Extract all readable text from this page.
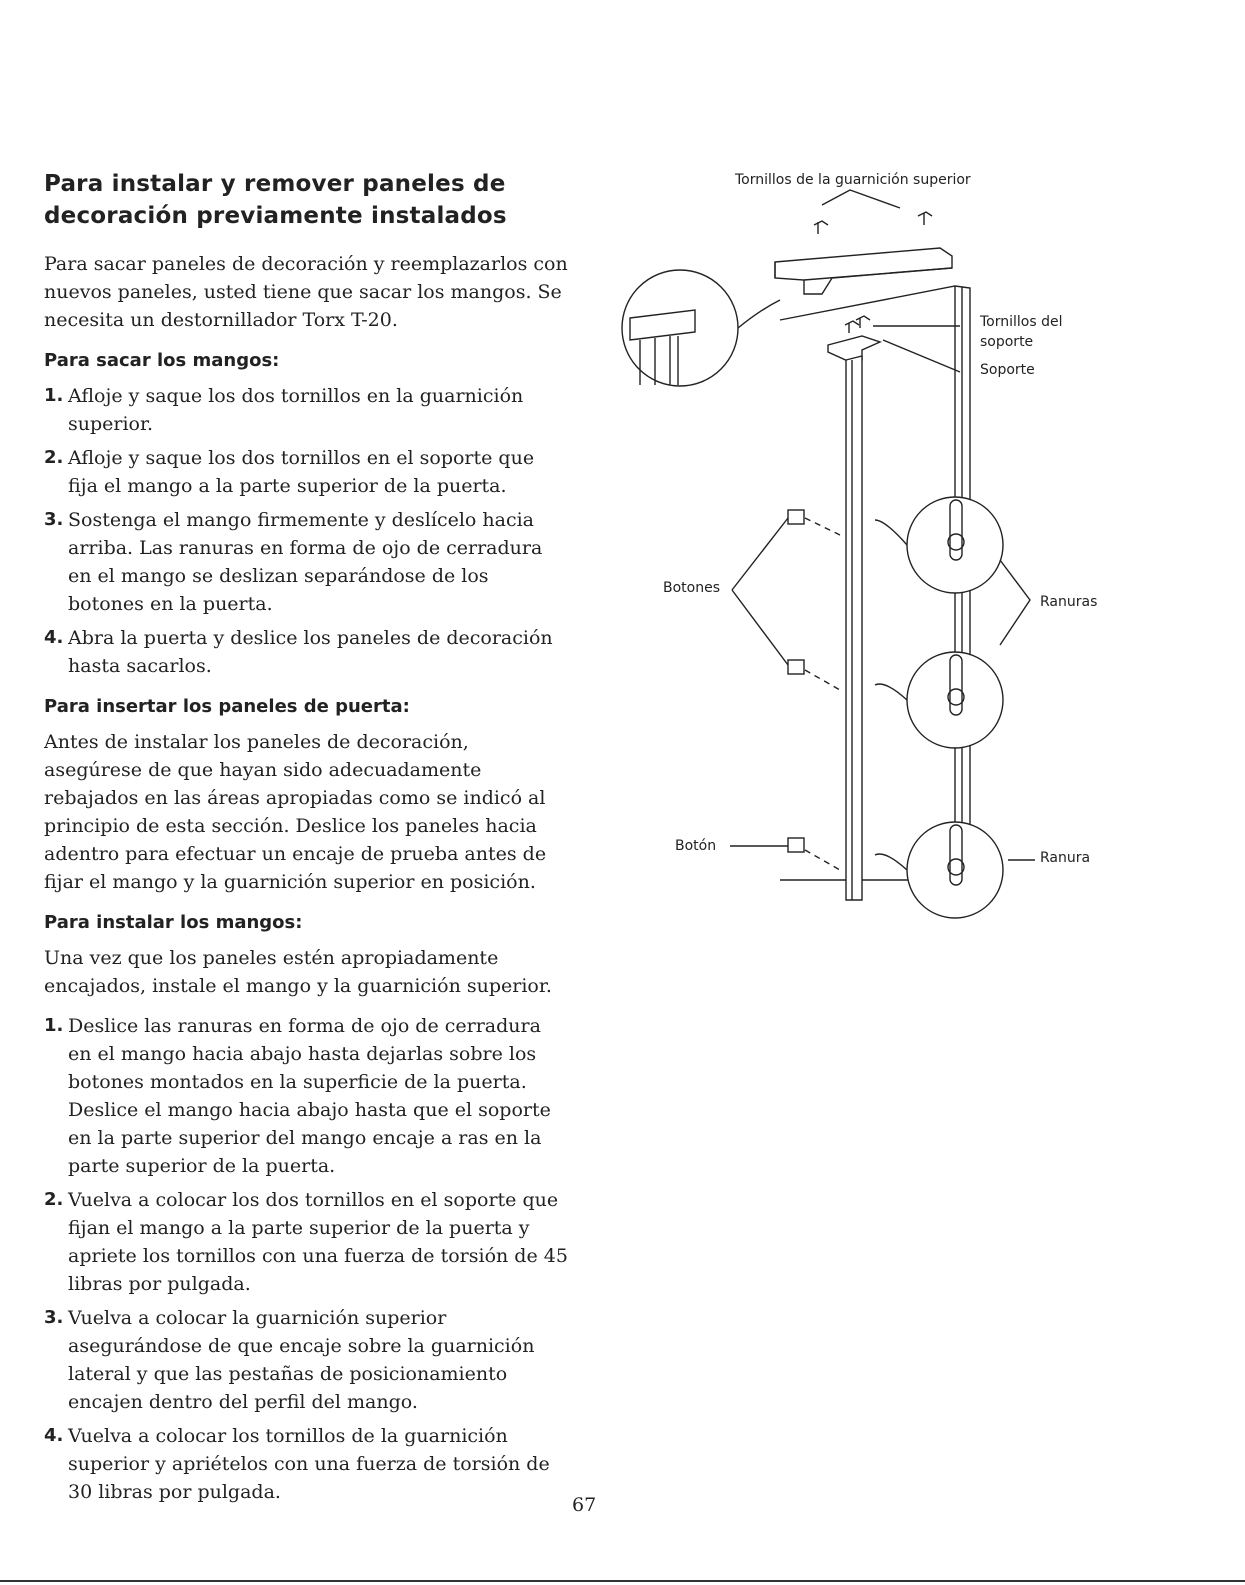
Para instalar y remover paneles de decoración previamente instalados

Para sacar paneles de decoración y reemplazarlos con nuevos paneles, usted tiene que sacar los mangos. Se necesita un destornillador Torx T-20.

Para sacar los mangos:
1. Afloje y saque los dos tornillos en la guarnición superior.
2. Afloje y saque los dos tornillos en el soporte que fija el mango a la parte superior de la puerta.
3. Sostenga el mango firmemente y deslícelo hacia arriba. Las ranuras en forma de ojo de cerradura en el mango se deslizan separándose de los botones en la puerta.
4. Abra la puerta y deslice los paneles de decoración hasta sacarlos.
Para insertar los paneles de puerta:

Antes de instalar los paneles de decoración, asegúrese de que hayan sido adecuadamente rebajados en las áreas apropiadas como se indicó al principio de esta sección. Deslice los paneles hacia adentro para efectuar un encaje de prueba antes de fijar el mango y la guarnición superior en posición.

Para instalar los mangos:

Una vez que los paneles estén apropiadamente encajados, instale el mango y la guarnición superior.

1. Deslice las ranuras en forma de ojo de cerradura en el mango hacia abajo hasta dejarlas sobre los botones montados en la superficie de la puerta. Deslice el mango hacia abajo hasta que el soporte en la parte superior del mango encaje a ras en la parte superior de la puerta.
2. Vuelva a colocar los dos tornillos en el soporte que fijan el mango a la parte superior de la puerta y apriete los tornillos con una fuerza de torsión de 45 libras por pulgada.
3. Vuelva a colocar la guarnición superior asegurándose de que encaje sobre la guarnición lateral y que las pestañas de posicionamiento encajen dentro del perfil del mango.
4. Vuelva a colocar los tornillos de la guarnición superior y apriételos con una fuerza de torsión de 30 libras por pulgada.
Tornillos de la guarnición superior
Tornillos del soporte
Soporte
Botones
Ranuras
Botón
Ranura
67
